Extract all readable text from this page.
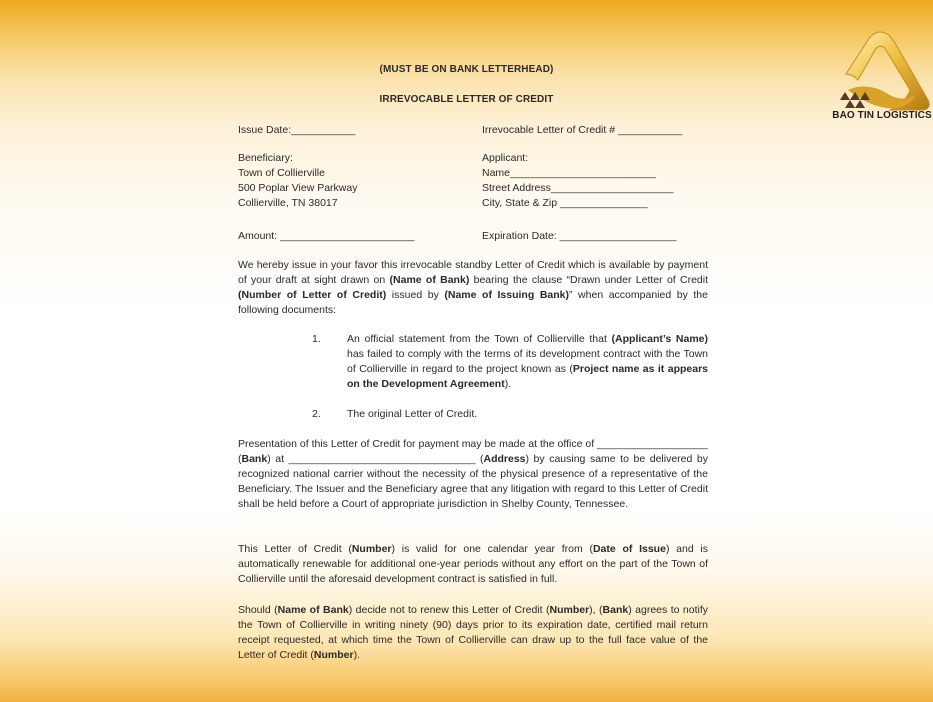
BAO TIN LOGISTICS
(MUST BE ON BANK LETTERHEAD)
IRREVOCABLE LETTER OF CREDIT
Issue Date:___________	Irrevocable Letter of Credit # ___________
Beneficiary:
Town of Collierville
500 Poplar View Parkway
Collierville, TN 38017
Applicant:
Name_________________________
Street Address_____________________
City, State & Zip _______________
Amount: _______________________	Expiration Date: ____________________
We hereby issue in your favor this irrevocable standby Letter of Credit which is available by payment of your draft at sight drawn on (Name of Bank) bearing the clause “Drawn under Letter of Credit (Number of Letter of Credit) issued by (Name of Issuing Bank)” when accompanied by the following documents:
1. An official statement from the Town of Collierville that (Applicant’s Name) has failed to comply with the terms of its development contract with the Town of Collierville in regard to the project known as (Project name as it appears on the Development Agreement).
2. The original Letter of Credit.
Presentation of this Letter of Credit for payment may be made at the office of ___________________ (Bank) at ________________________________ (Address) by causing same to be delivered by recognized national carrier without the necessity of the physical presence of a representative of the Beneficiary. The Issuer and the Beneficiary agree that any litigation with regard to this Letter of Credit shall be held before a Court of appropriate jurisdiction in Shelby County, Tennessee.
This Letter of Credit (Number) is valid for one calendar year from (Date of Issue) and is automatically renewable for additional one-year periods without any effort on the part of the Town of Collierville until the aforesaid development contract is satisfied in full.
Should (Name of Bank) decide not to renew this Letter of Credit (Number), (Bank) agrees to notify the Town of Collierville in writing ninety (90) days prior to its expiration date, certified mail return receipt requested, at which time the Town of Collierville can draw up to the full face value of the Letter of Credit (Number).
